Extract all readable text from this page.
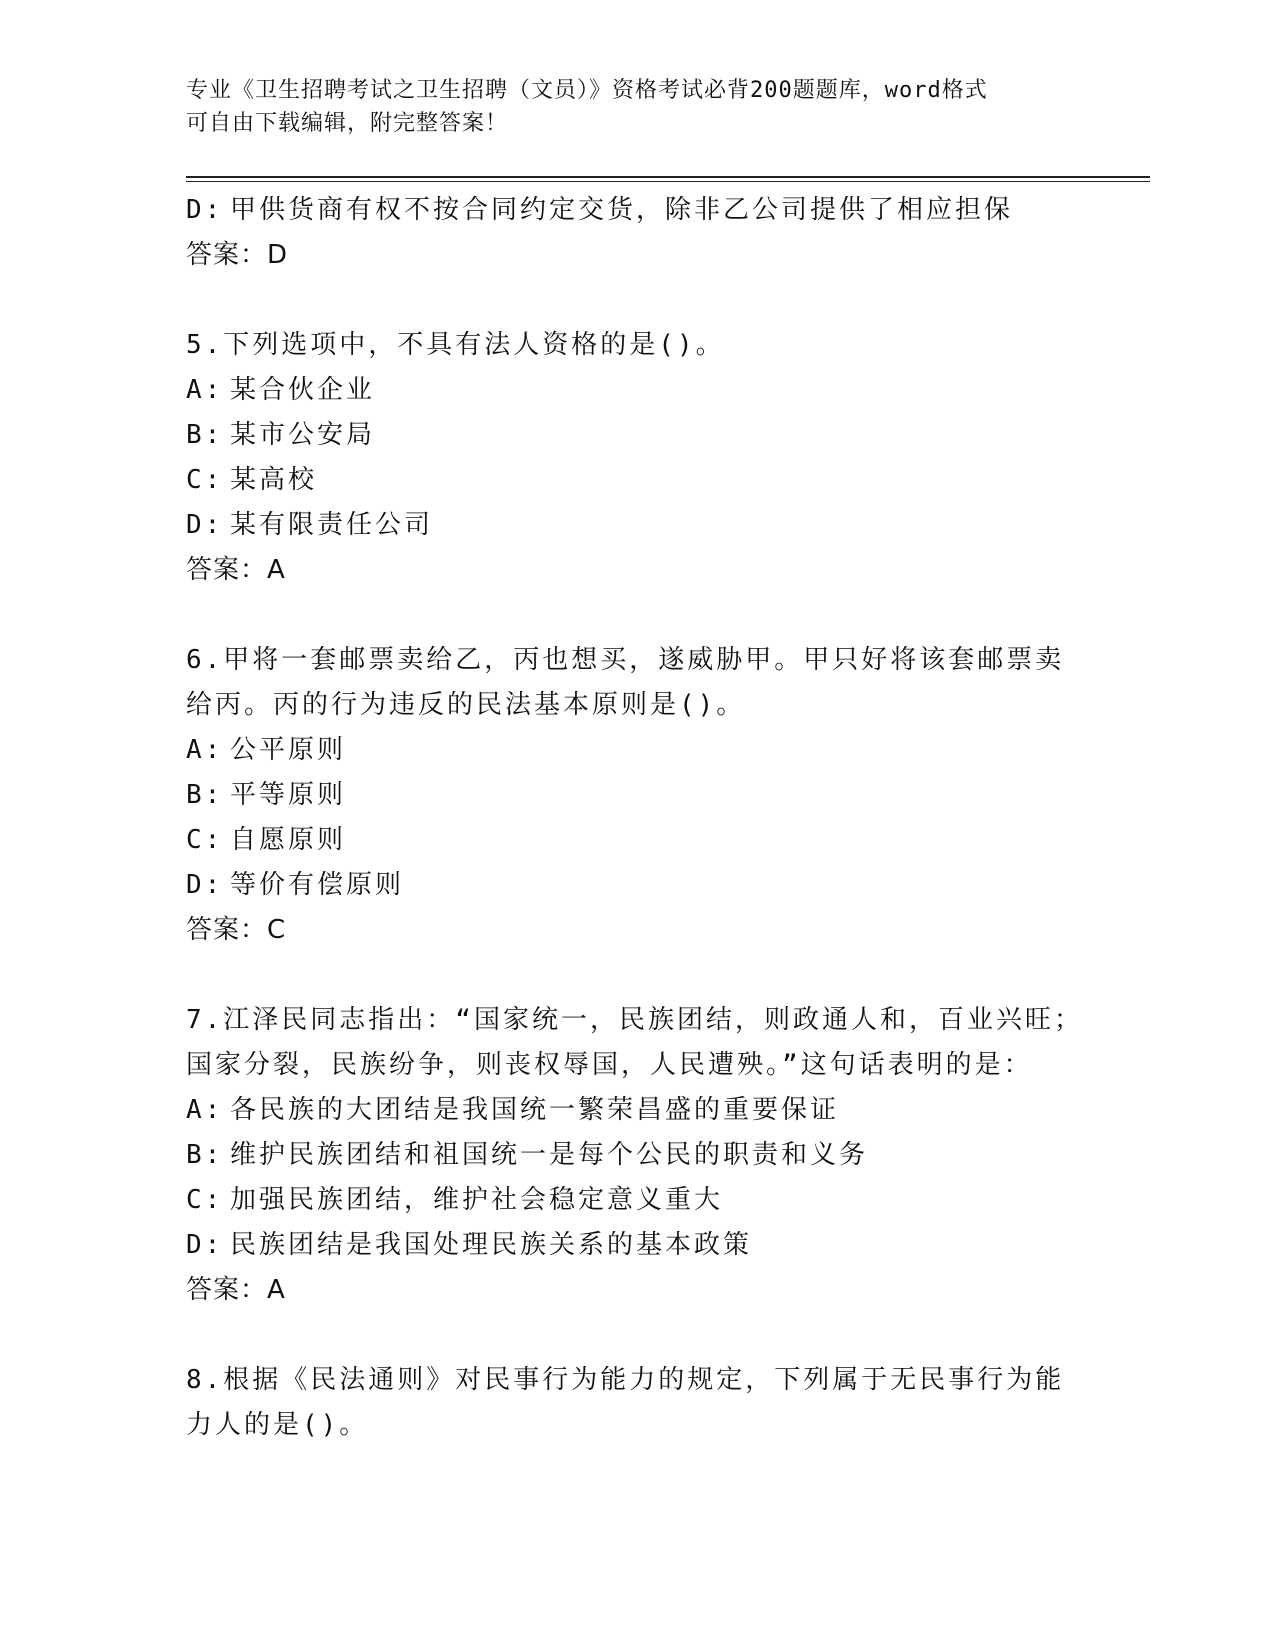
专业《卫生招聘考试之卫生招聘（文员）》资格考试必背200题题库，word格式
可自由下载编辑，附完整答案！
D: 甲供货商有权不按合同约定交货，除非乙公司提供了相应担保
答案：D
5.下列选项中，不具有法人资格的是()。
A: 某合伙企业
B: 某市公安局
C: 某高校
D: 某有限责任公司
答案：A
6.甲将一套邮票卖给乙，丙也想买，遂威胁甲。甲只好将该套邮票卖
给丙。丙的行为违反的民法基本原则是()。
A: 公平原则
B: 平等原则
C: 自愿原则
D: 等价有偿原则
答案：C
7.江泽民同志指出：“国家统一，民族团结，则政通人和，百业兴旺；
国家分裂，民族纷争，则丧权辱国，人民遭殃。”这句话表明的是：
A: 各民族的大团结是我国统一繁荣昌盛的重要保证
B: 维护民族团结和祖国统一是每个公民的职责和义务
C: 加强民族团结，维护社会稳定意义重大
D: 民族团结是我国处理民族关系的基本政策
答案：A
8.根据《民法通则》对民事行为能力的规定，下列属于无民事行为能
力人的是()。
